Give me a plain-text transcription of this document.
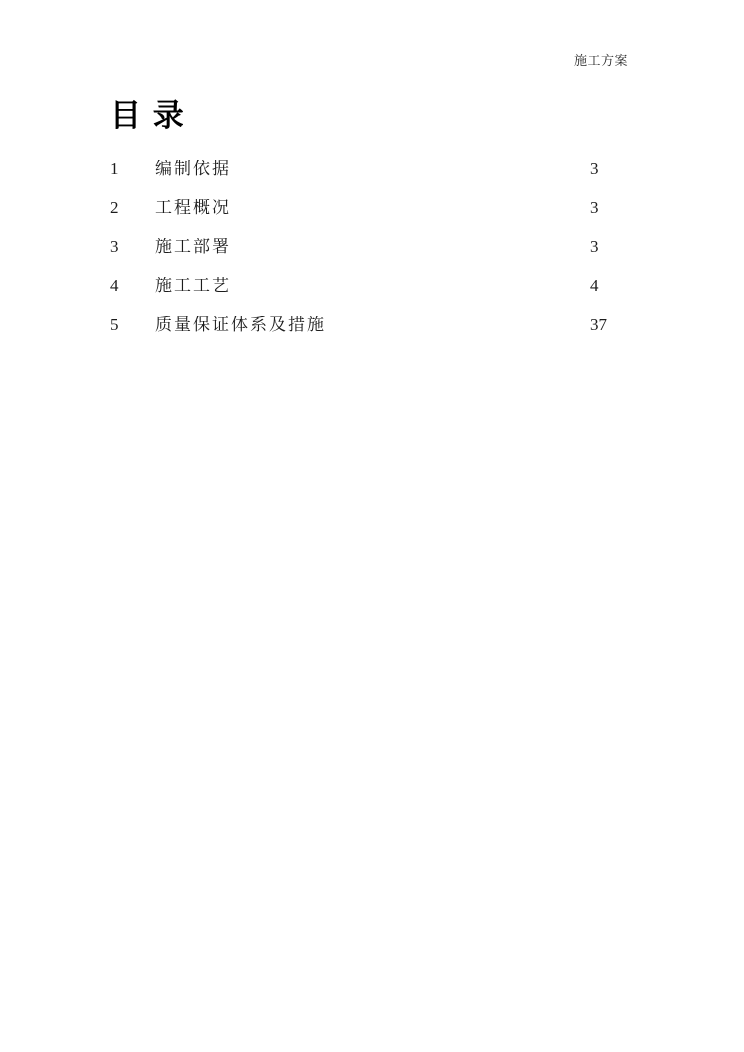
施工方案
目 录
1	编制依据	3
2	工程概况	3
3	施工部署	3
4	施工工艺	4
5	质量保证体系及措施	37
